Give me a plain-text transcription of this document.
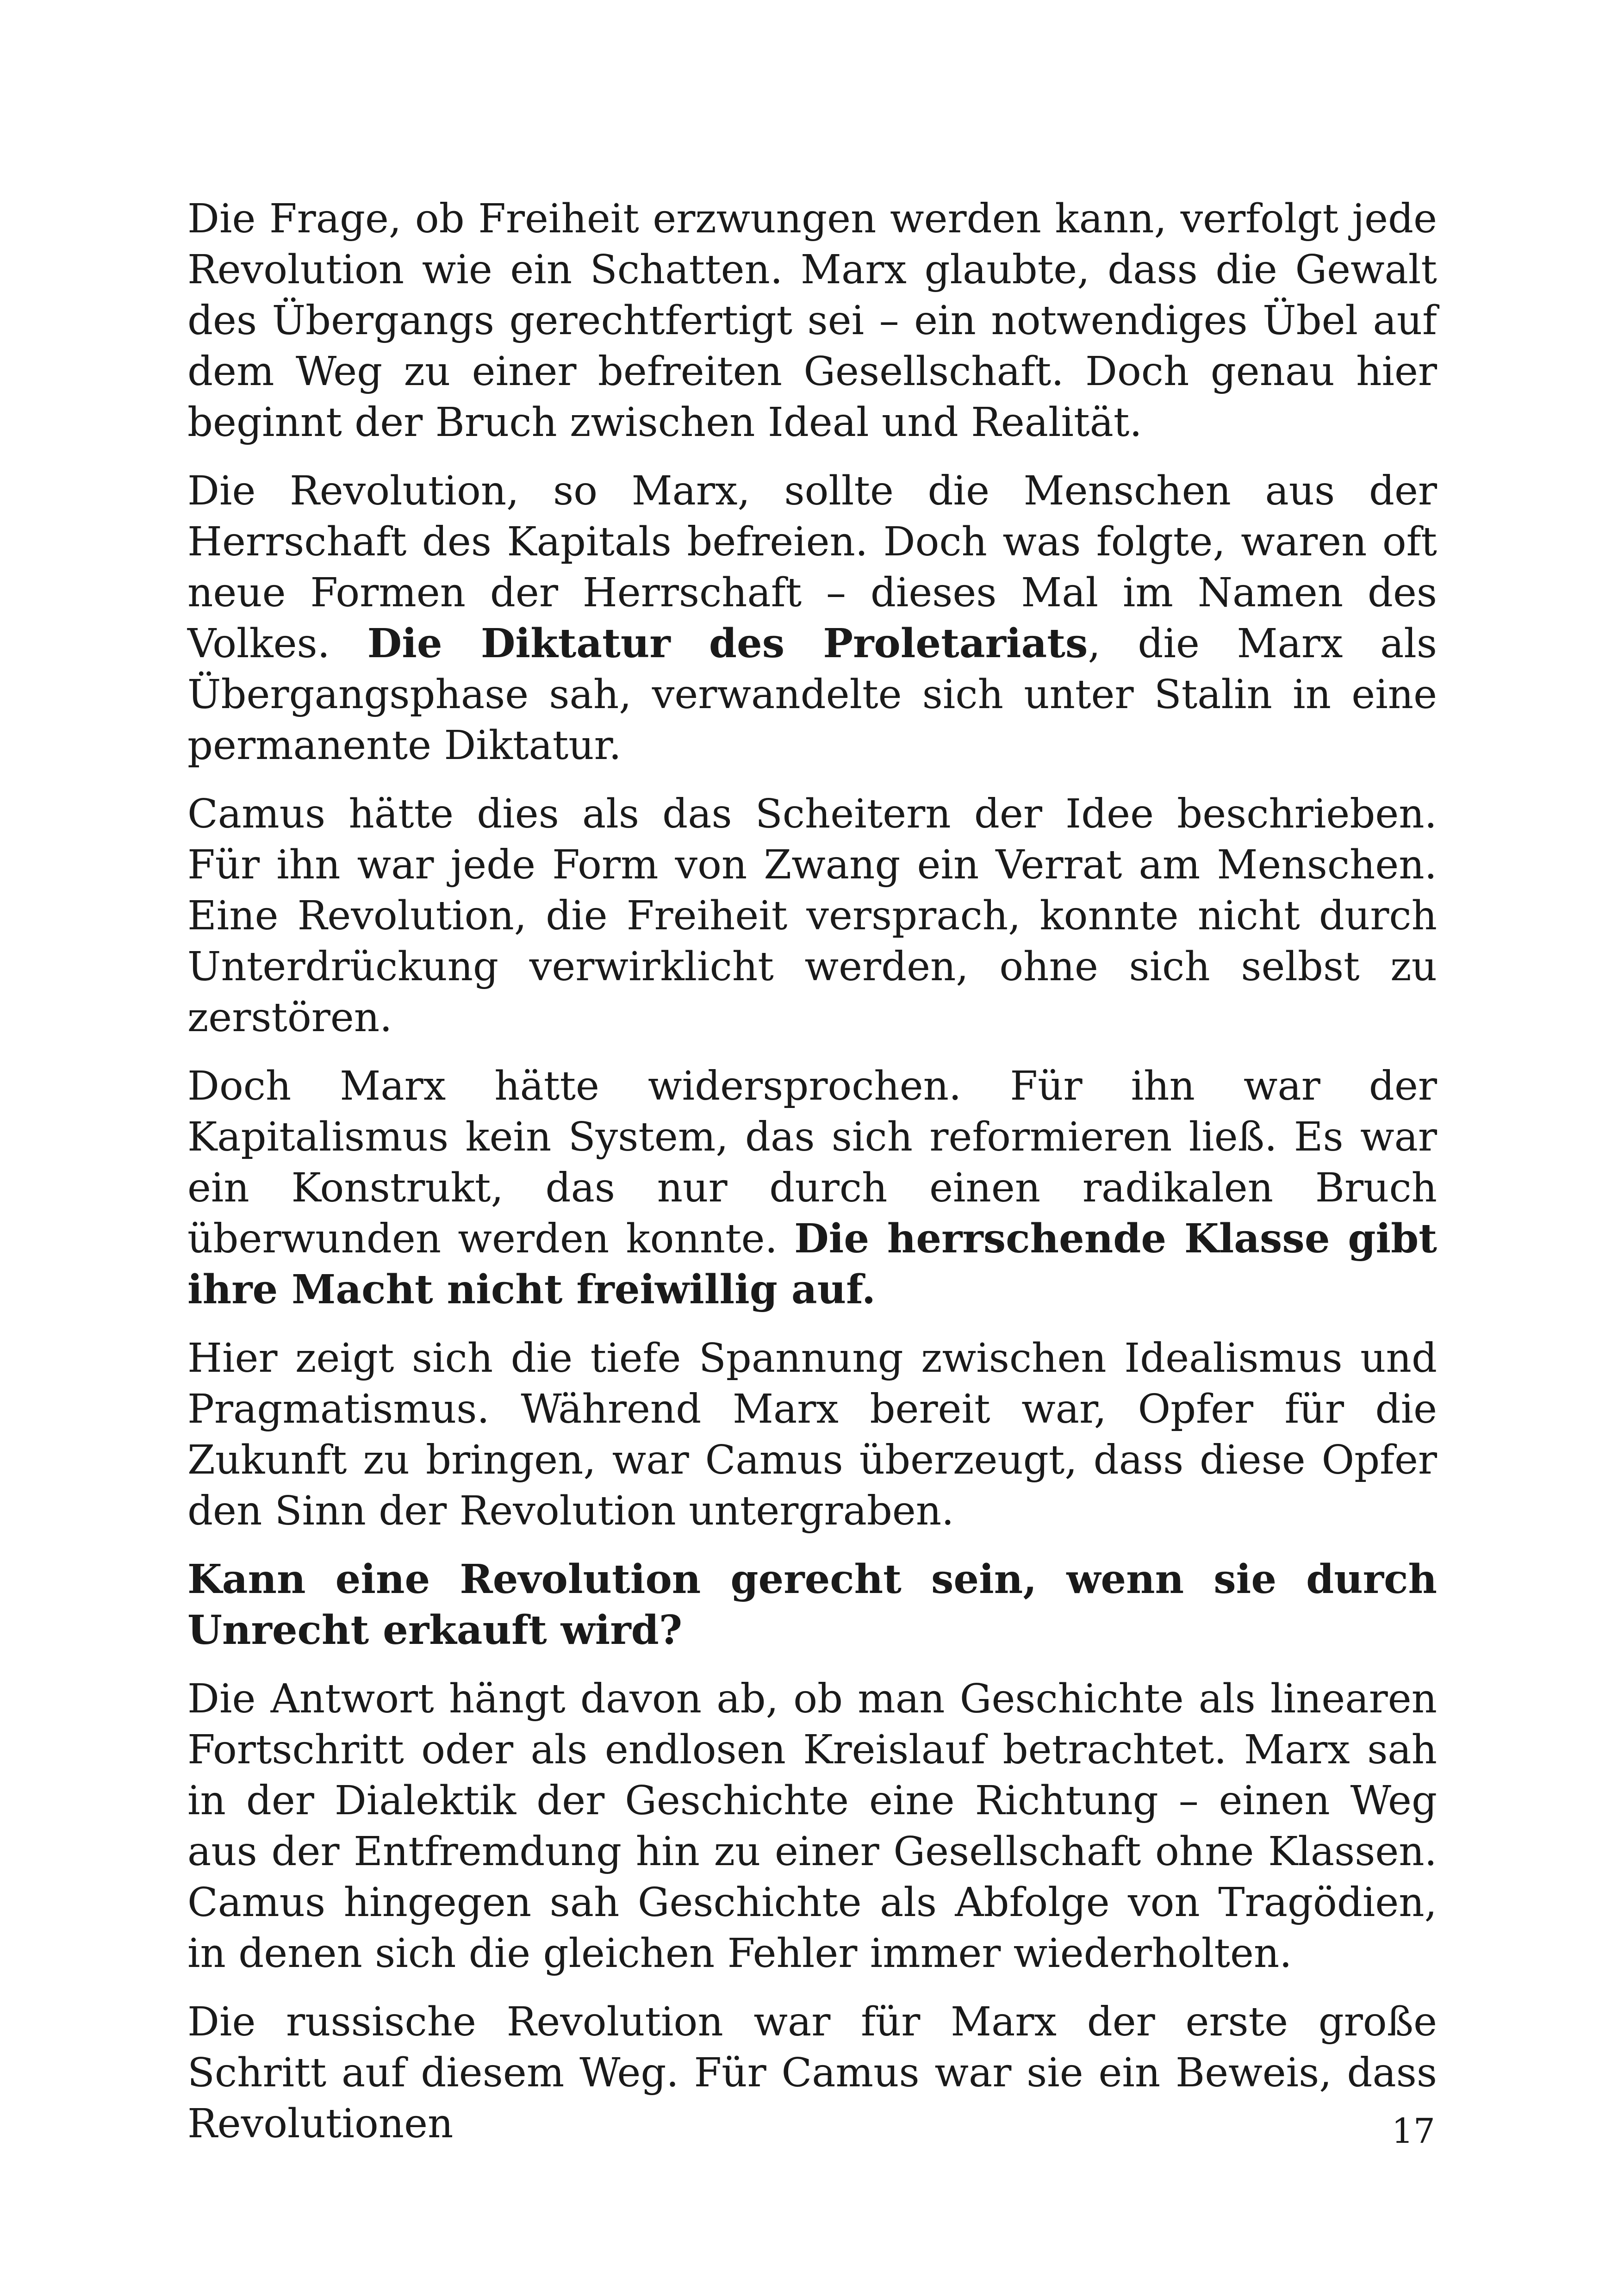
Die Frage, ob Freiheit erzwungen werden kann, verfolgt jede Revolution wie ein Schatten. Marx glaubte, dass die Gewalt des Übergangs gerechtfertigt sei – ein notwendiges Übel auf dem Weg zu einer befreiten Gesellschaft. Doch genau hier beginnt der Bruch zwischen Ideal und Realität.

Die Revolution, so Marx, sollte die Menschen aus der Herrschaft des Kapitals befreien. Doch was folgte, waren oft neue Formen der Herrschaft – dieses Mal im Namen des Volkes. Die Diktatur des Proletariats, die Marx als Übergangsphase sah, verwandelte sich unter Stalin in eine permanente Diktatur.

Camus hätte dies als das Scheitern der Idee beschrieben. Für ihn war jede Form von Zwang ein Verrat am Menschen. Eine Revolution, die Freiheit versprach, konnte nicht durch Unterdrückung verwirklicht werden, ohne sich selbst zu zerstören.

Doch Marx hätte widersprochen. Für ihn war der Kapitalismus kein System, das sich reformieren ließ. Es war ein Konstrukt, das nur durch einen radikalen Bruch überwunden werden konnte. Die herrschende Klasse gibt ihre Macht nicht freiwillig auf.

Hier zeigt sich die tiefe Spannung zwischen Idealismus und Pragmatismus. Während Marx bereit war, Opfer für die Zukunft zu bringen, war Camus überzeugt, dass diese Opfer den Sinn der Revolution untergraben.

Kann eine Revolution gerecht sein, wenn sie durch Unrecht erkauft wird?

Die Antwort hängt davon ab, ob man Geschichte als linearen Fortschritt oder als endlosen Kreislauf betrachtet. Marx sah in der Dialektik der Geschichte eine Richtung – einen Weg aus der Entfremdung hin zu einer Gesellschaft ohne Klassen. Camus hingegen sah Geschichte als Abfolge von Tragödien, in denen sich die gleichen Fehler immer wiederholten.

Die russische Revolution war für Marx der erste große Schritt auf diesem Weg. Für Camus war sie ein Beweis, dass Revolutionen	17
